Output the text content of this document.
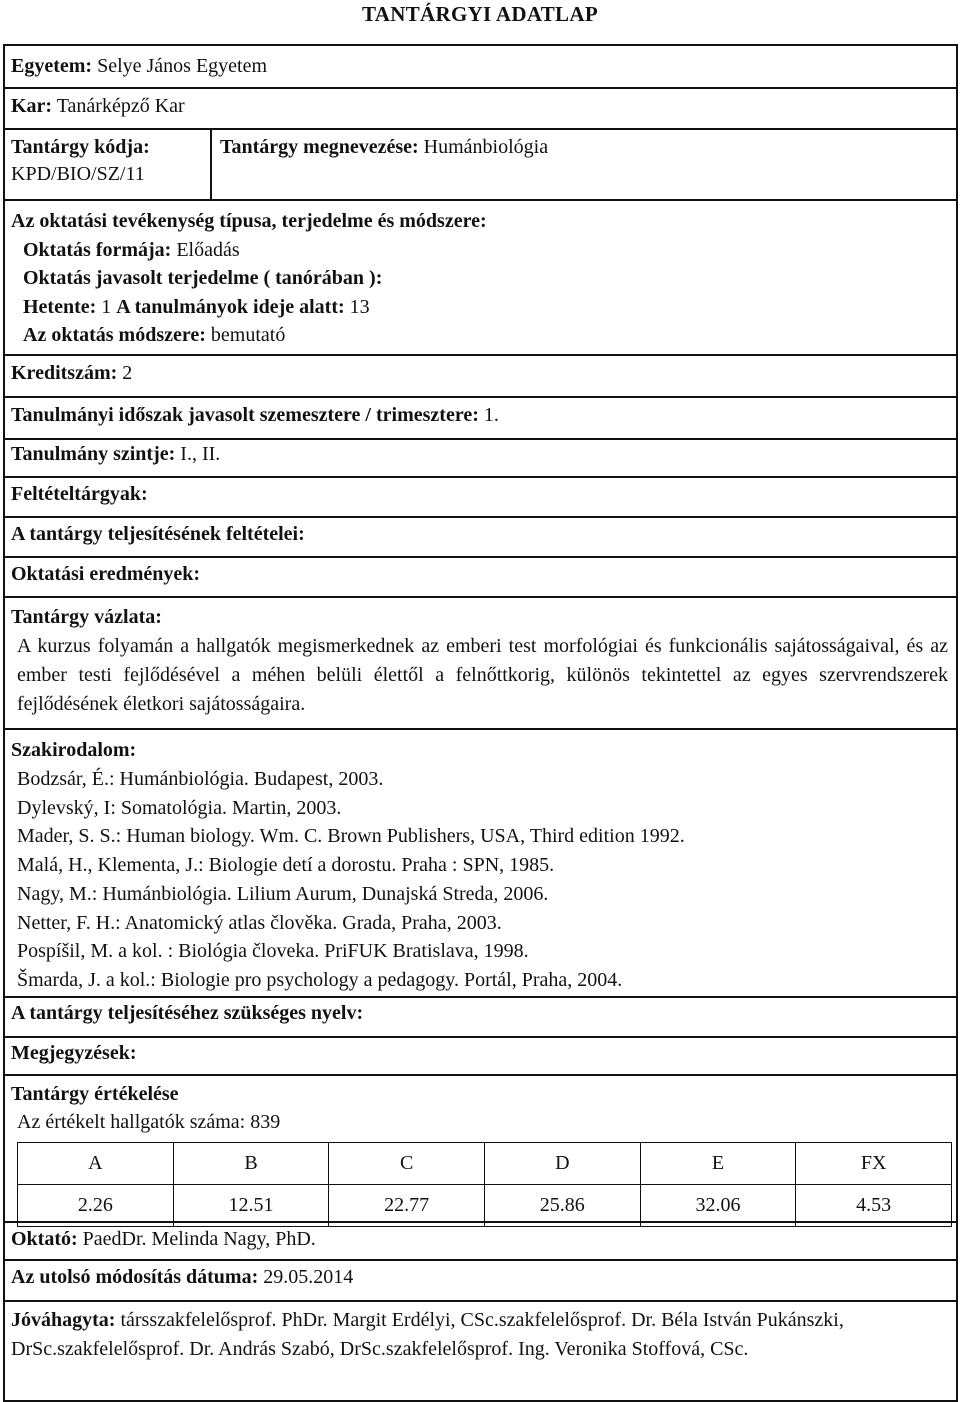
TANTÁRGYI ADATLAP
Egyetem: Selye János Egyetem
Kar: Tanárképző Kar
Tantárgy kódja:
KPD/BIO/SZ/11
Tantárgy megnevezése: Humánbiológia
Az oktatási tevékenység típusa, terjedelme és módszere:
Oktatás formája: Előadás
Oktatás javasolt terjedelme ( tanórában ):
Hetente: 1 A tanulmányok ideje alatt: 13
Az oktatás módszere: bemutató
Kreditszám: 2
Tanulmányi időszak javasolt szemesztere / trimesztere: 1.
Tanulmány szintje: I., II.
Feltételtárgyak:
A tantárgy teljesítésének feltételei:
Oktatási eredmények:
Tantárgy vázlata:
A kurzus folyamán a hallgatók megismerkednek az emberi test morfológiai és funkcionális sajátosságaival, és az ember testi fejlődésével a méhen belüli élettől a felnőttkorig, különös tekintettel az egyes szervrendszerek fejlődésének életkori sajátosságaira.
Szakirodalom:
Bodzsár, É.: Humánbiológia. Budapest, 2003.
Dylevský, I: Somatológia. Martin, 2003.
Mader, S. S.: Human biology. Wm. C. Brown Publishers, USA, Third edition 1992.
Malá, H., Klementa, J.: Biologie detí a dorostu. Praha : SPN, 1985.
Nagy, M.: Humánbiológia. Lilium Aurum, Dunajská Streda, 2006.
Netter, F. H.: Anatomický atlas člověka. Grada, Praha, 2003.
Pospíšil, M. a kol. : Biológia človeka. PriFUK Bratislava, 1998.
Šmarda, J. a kol.: Biologie pro psychology a pedagogy. Portál, Praha, 2004.
A tantárgy teljesítéséhez szükséges nyelv:
Megjegyzések:
Tantárgy értékelése
Az értékelt hallgatók száma: 839
A	B	C	D	E	FX
2.26	12.51	22.77	25.86	32.06	4.53
Oktató: PaedDr. Melinda Nagy, PhD.
Az utolsó módosítás dátuma: 29.05.2014
Jóváhagyta: társszakfelelősprof. PhDr. Margit Erdélyi, CSc.szakfelelősprof. Dr. Béla István Pukánszki, DrSc.szakfelelősprof. Dr. András Szabó, DrSc.szakfelelősprof. Ing. Veronika Stoffová, CSc.
